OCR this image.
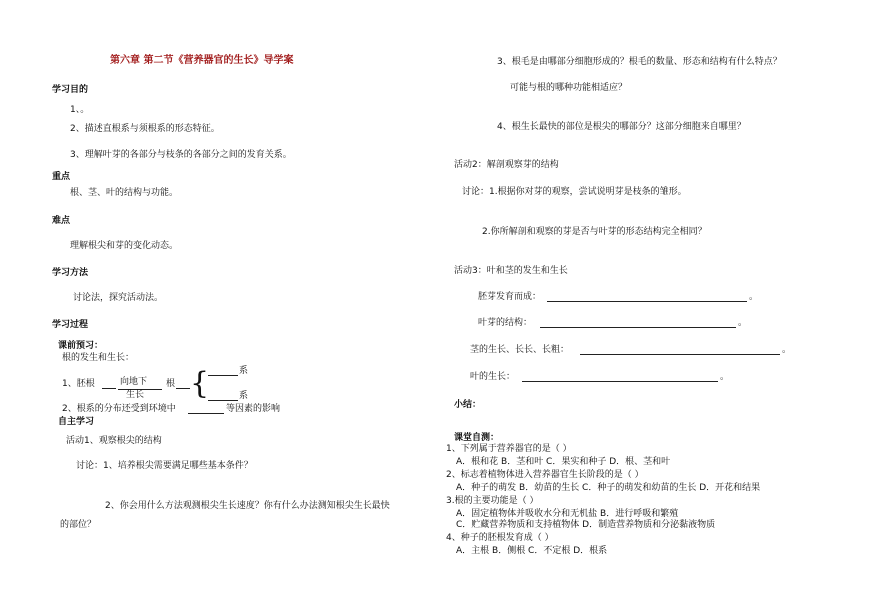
第六章 第二节《营养器官的生长》导学案
学习目的
1、。
2、描述直根系与须根系的形态特征。
3、理解叶芽的各部分与枝条的各部分之间的发育关系。
重点
根、茎、叶的结构与功能。
难点
理解根尖和芽的变化动态。
学习方法
讨论法，探究活动法。
学习过程
课前预习：
根的发生和生长：
系
1、胚根	向地下
生长
根 {	系
2、根系的分布还受到环境中	等因素的影响
自主学习
活动1、观察根尖的结构
讨论：1、培养根尖需要满足哪些基本条件？
2、你会用什么方法观测根尖生长速度？你有什么办法测知根尖生长最快
的部位？
3、根毛是由哪部分细胞形成的？根毛的数量、形态和结构有什么特点？
可能与根的哪种功能相适应？
4、根生长最快的部位是根尖的哪部分？这部分细胞来自哪里？
活动2：解剖观察芽的结构
讨论：1.根据你对芽的观察，尝试说明芽是枝条的雏形。
2.你所解剖和观察的芽是否与叶芽的形态结构完全相同？
活动3：叶和茎的发生和生长
胚芽发育而成：	。
叶芽的结构：	。
茎的生长、长长、长粗：	。
叶的生长：	。
小结：
课堂自测：
1、下列属于营养器官的是（ ）
A．根和花 B．茎和叶 C．果实和种子 D．根、茎和叶
2、标志着植物体进入营养器官生长阶段的是（ ）
A．种子的萌发 B．幼苗的生长 C．种子的萌发和幼苗的生长 D．开花和结果
3.根的主要功能是（ ）
A．固定植物体并吸收水分和无机盐 B．进行呼吸和繁殖
C．贮藏营养物质和支持植物体 D．制造营养物质和分泌黏液物质
4、种子的胚根发育成（ ）
A．主根 B．侧根 C．不定根 D．根系
